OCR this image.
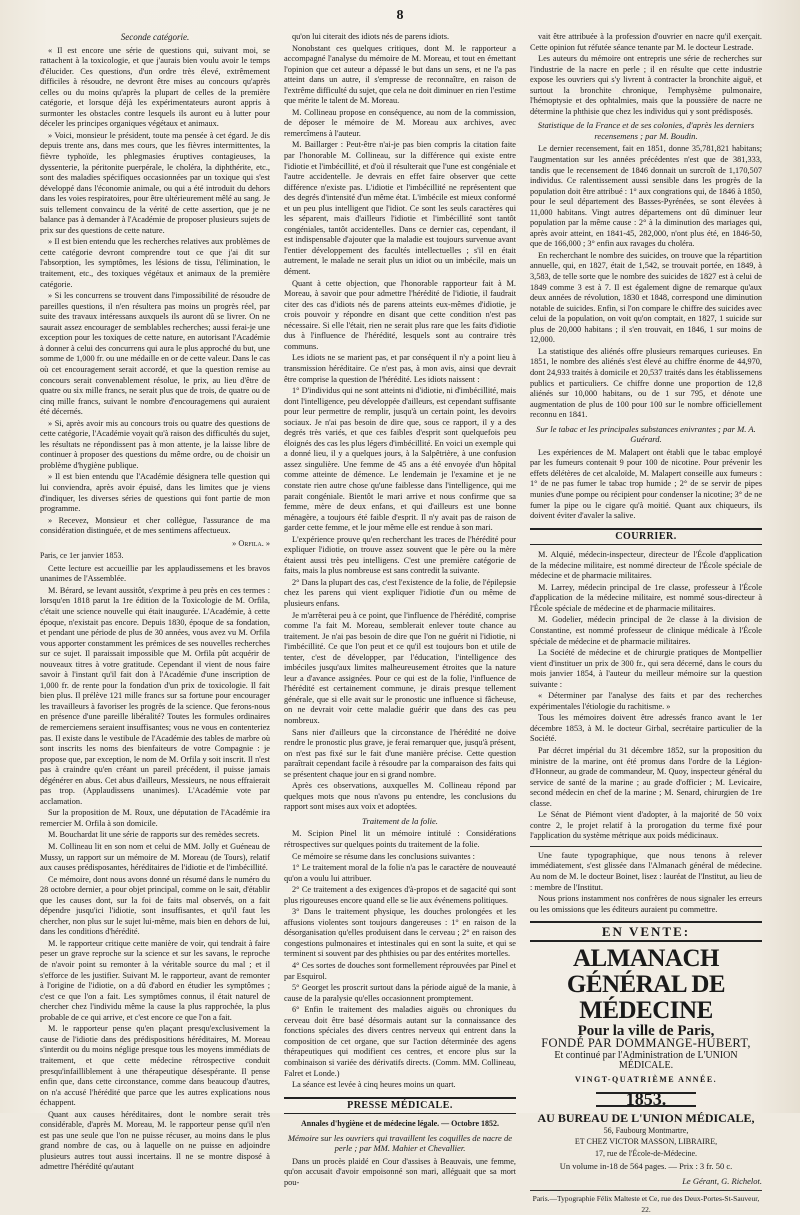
8

Seconde catégorie.

« Il est encore une série de questions qui, suivant moi, se rattachent à la toxicologie, et que j'aurais bien voulu avoir le temps d'élucider. Ces questions, d'un ordre très élevé, extrêmement difficiles à résoudre, ne devront être mises au concours qu'après celles ou du moins qu'après la plupart de celles de la première catégorie, et lorsque déjà les expérimentateurs auront appris à surmonter les obstacles contre lesquels ils auront eu à lutter pour déceler les principes organiques végétaux et animaux.

» Voici, monsieur le président, toute ma pensée à cet égard. Je dis depuis trente ans, dans mes cours, que les fièvres intermittentes, la fièvre typhoïde, les phlegmasies éruptives contagieuses, la dyssenterie, la péritonite puerpérale, le choléra, la diphthérite, etc., sont des maladies spécifiques occasionnées par un toxique qui s'est développé dans l'économie animale, ou qui a été introduit du dehors dans les voies respiratoires, pour être ultérieurement mêlé au sang. Je suis tellement convaincu de la vérité de cette assertion, que je ne balance pas à demander à l'Académie de proposer plusieurs sujets de prix sur des questions de cette nature.

» Il est bien entendu que les recherches relatives aux problèmes de cette catégorie devront comprendre tout ce que j'ai dit sur l'absorption, les symptômes, les lésions de tissu, l'élimination, le traitement, etc., des toxiques végétaux et animaux de la première catégorie.

» Si les concurrens se trouvent dans l'impossibilité de résoudre de pareilles questions, il n'en résultera pas moins un progrès réel, par suite des travaux intéressans auxquels ils auront dû se livrer. On ne saurait assez encourager de semblables recherches; aussi ferai-je une exception pour les toxiques de cette nature, en autorisant l'Académie à donner à celui des concurrens qui aura le plus approché du but, une somme de 1,000 fr. ou une médaille en or de cette valeur. Dans le cas où cet encouragement serait accordé, et que la question remise au concours serait convenablement résolue, le prix, au lieu d'être de quatre ou six mille francs, ne serait plus que de trois, de quatre ou de cinq mille francs, suivant le nombre d'encouragemens qui auraient été décernés.

» Si, après avoir mis au concours trois ou quatre des questions de cette catégorie, l'Académie voyait qu'à raison des difficultés du sujet, les résultats ne répondissent pas à mon attente, je la laisse libre de continuer à proposer des questions du même ordre, ou de choisir un problème d'hygiène publique.

» Il est bien entendu que l'Académie désignera telle question qui lui conviendra, après avoir épuisé, dans les limites que je viens d'indiquer, les diverses séries de questions qui font partie de mon programme.

» Recevez, Monsieur et cher collègue, l'assurance de ma considération distinguée, et de mes sentimens affectueux.

» Orfila. »

Paris, ce 1er janvier 1853.

Cette lecture est accueillie par les applaudissemens et les bravos unanimes de l'Assemblée.

M. Bérard, se levant aussitôt, s'exprime à peu près en ces termes : lorsqu'en 1818 parut la 1re édition de la Toxicologie de M. Orfila, c'était une science nouvelle qui était inaugurée. L'Académie, à cette époque, n'existait pas encore. Depuis 1830, époque de sa fondation, et pendant une période de plus de 30 années, vous avez vu M. Orfila vous apporter constamment les prémices de ses nouvelles recherches sur ce sujet. Il paraissait impossible que M. Orfila pût acquérir de nouveaux titres à votre gratitude. Cependant il vient de nous faire savoir à l'instant qu'il fait don à l'Académie d'une inscription de 1,000 fr. de rente pour la fondation d'un prix de toxicologie. Il fait bien plus. Il prélève 121 mille francs sur sa fortune pour encourager les travailleurs à favoriser les progrès de la science. Que ferons-nous en présence d'une pareille libéralité? Toutes les formules ordinaires de remerciemens seraient insuffisantes; vous ne vous en contenteriez pas. Il existe dans le vestibule de l'Académie des tables de marbre où sont inscrits les noms des bienfaiteurs de votre Compagnie : je propose que, par exception, le nom de M. Orfila y soit inscrit. Il n'est pas à craindre qu'en créant un pareil précédent, il puisse jamais dégénérer en abus. Cet abus d'ailleurs, Messieurs, ne nous effraierait pas trop. (Applaudissens unanimes). L'Académie vote par acclamation.

Sur la proposition de M. Roux, une députation de l'Académie ira remercier M. Orfila à son domicile.

M. Bouchardat lit une série de rapports sur des remèdes secrets.

M. Collineau lit en son nom et celui de MM. Jolly et Guéneau de Mussy, un rapport sur un mémoire de M. Moreau (de Tours), relatif aux causes prédisposantes, héréditaires de l'idiotie et de l'imbécillité.

Ce mémoire, dont nous avons donné un résumé dans le numéro du 28 octobre dernier, a pour objet principal, comme on le sait, d'établir que les causes dont, sur la foi de faits mal observés, on a fait dépendre jusqu'ici l'idiotie, sont insuffisantes, et qu'il faut les chercher, non plus sur le sujet lui-même, mais bien en dehors de lui, dans les conditions d'hérédité.

M. le rapporteur critique cette manière de voir, qui tendrait à faire peser un grave reproche sur la science et sur les savans, le reproche de n'avoir point su remonter à la véritable source du mal ; et il s'efforce de les justifier. Suivant M. le rapporteur, avant de remonter à l'origine de l'idiotie, on a dû d'abord en étudier les symptômes ; c'est ce que l'on a fait. Les symptômes connus, il était naturel de chercher chez l'individu même la cause la plus rapprochée, la plus probable de ce qui arrive, et c'est encore ce que l'on a fait.

M. le rapporteur pense qu'en plaçant presqu'exclusivement la cause de l'idiotie dans des prédispositions héréditaires, M. Moreau s'interdit ou du moins néglige presque tous les moyens immédiats de traitement, et que cette médecine rétrospective conduit presqu'infailliblement à une thérapeutique désespérante. Il pense enfin que, dans cette circonstance, comme dans beaucoup d'autres, on n'a accusé l'hérédité que parce que les autres explications nous échappent.

Quant aux causes héréditaires, dont le nombre serait très considérable, d'après M. Moreau, M. le rapporteur pense qu'il n'en est pas une seule que l'on ne puisse récuser, au moins dans le plus grand nombre de cas, ou à laquelle on ne puisse en adjoindre plusieurs autres tout aussi incertains. Il ne se montre disposé à admettre l'hérédité qu'autant

qu'on lui citerait des idiots nés de parens idiots.

Nonobstant ces quelques critiques, dont M. le rapporteur a accompagné l'analyse du mémoire de M. Moreau, et tout en émettant l'opinion que cet auteur a dépassé le but dans un sens, et ne l'a pas atteint dans un autre, il s'empresse de reconnaître, en raison de l'extrême difficulté du sujet, que cela ne doit diminuer en rien l'estime que mérite le talent de M. Moreau.

M. Collineau propose en conséquence, au nom de la commission, de déposer le mémoire de M. Moreau aux archives, avec remercîmens à l'auteur.

M. Baillarger : Peut-être n'ai-je pas bien compris la citation faite par l'honorable M. Collineau, sur la différence qui existe entre l'idiotie et l'imbécillité, et d'où il résulterait que l'une est congéniale et l'autre accidentelle. Je devrais en effet faire observer que cette différence n'existe pas. L'idiotie et l'imbécillité ne représentent que des degrés d'intensité d'un même état. L'imbécile est mieux conformé et un peu plus intelligent que l'idiot. Ce sont les seuls caractères qui les séparent, mais d'ailleurs l'idiotie et l'imbécillité sont tantôt congéniales, tantôt accidentelles. Dans ce dernier cas, cependant, il est indispensable d'ajouter que la maladie est toujours survenue avant l'entier développement des facultés intellectuelles ; s'il en était autrement, le malade ne serait plus un idiot ou un imbécile, mais un dément.

Quant à cette objection, que l'honorable rapporteur fait à M. Moreau, à savoir que pour admettre l'hérédité de l'idiotie, il faudrait citer des cas d'idiots nés de parens atteints eux-mêmes d'idiotie, je crois pouvoir y répondre en disant que cette condition n'est pas nécessaire. Si elle l'était, rien ne serait plus rare que les faits d'idiotie dus à l'influence de l'hérédité, lesquels sont au contraire très communs.

Les idiots ne se marient pas, et par conséquent il n'y a point lieu à transmission héréditaire. Ce n'est pas, à mon avis, ainsi que devrait être comprise la question de l'hérédité. Les idiots naissent :

1° D'individus qui ne sont atteints ni d'idiotie, ni d'imbécillité, mais dont l'intelligence, peu développée d'ailleurs, est cependant suffisante pour leur permettre de remplir, jusqu'à un certain point, les devoirs sociaux. Je n'ai pas besoin de dire que, sous ce rapport, il y a des degrés très variés, et que ces faibles d'esprit sont quelquefois peu éloignés des cas les plus légers d'imbécillité. En voici un exemple qui a donné lieu, il y a quelques jours, à la Salpêtrière, à une confusion assez singulière. Une femme de 45 ans a été envoyée d'un hôpital comme atteinte de démence. Le lendemain je l'examine et je ne constate rien autre chose qu'une faiblesse dans l'intelligence, qui me parait congéniale. Bientôt le mari arrive et nous confirme que sa femme, mère de deux enfans, et qui d'ailleurs est une bonne ménagère, a toujours été faible d'esprit. Il n'y avait pas de raison de garder cette femme, et le jour même elle est rendue à son mari.

L'expérience prouve qu'en recherchant les traces de l'hérédité pour expliquer l'idiotie, on trouve assez souvent que le père ou la mère étaient aussi très peu intelligens. C'est une première catégorie de faits, mais la plus nombreuse est sans contredit la suivante.

2° Dans la plupart des cas, c'est l'existence de la folie, de l'épilepsie chez les parens qui vient expliquer l'idiotie d'un ou même de plusieurs enfans.

Je m'arrêterai peu à ce point, que l'influence de l'hérédité, comprise comme l'a fait M. Moreau, semblerait enlever toute chance au traitement. Je n'ai pas besoin de dire que l'on ne guérit ni l'idiotie, ni l'imbécillité. Ce que l'on peut et ce qu'il est toujours bon et utile de tenter, c'est de développer, par l'éducation, l'intelligence des imbéciles jusqu'aux limites malheureusement étroites que la nature leur a d'avance assignées. Pour ce qui est de la folie, l'influence de l'hérédité est certainement commune, je dirais presque tellement générale, que si elle avait sur le pronostic une influence si fâcheuse, on ne devrait voir cette maladie guérir que dans des cas peu nombreux.

Sans nier d'ailleurs que la circonstance de l'hérédité ne doive rendre le pronostic plus grave, je ferai remarquer que, jusqu'à présent, on n'est pas fixé sur le fait d'une manière précise. Cette question paraîtrait cependant facile à résoudre par la comparaison des faits qui se présentent chaque jour en si grand nombre.

Après ces observations, auxquelles M. Collineau répond par quelques mots que nous n'avons pu entendre, les conclusions du rapport sont mises aux voix et adoptées.

Traitement de la folie.

M. Scipion Pinel lit un mémoire intitulé : Considérations rétrospectives sur quelques points du traitement de la folie.

Ce mémoire se résume dans les conclusions suivantes :

1° Le traitement moral de la folie n'a pas le caractère de nouveauté qu'on a voulu lui attribuer.

2° Ce traitement a des exigences d'à-propos et de sagacité qui sont plus rigoureuses encore quand elle se lie aux événemens politiques.

3° Dans le traitement physique, les douches prolongées et les affusions violentes sont toujours dangereuses : 1° en raison de la désorganisation qu'elles produisent dans le cerveau ; 2° en raison des congestions pulmonaires et intestinales qui en sont la suite, et qui se terminent si souvent par des phthisies ou par des entérites mortelles.

4° Ces sortes de douches sont formellement réprouvées par Pinel et par Esquirol.

5° Georget les proscrit surtout dans la période aiguë de la manie, à cause de la paralysie qu'elles occasionnent promptement.

6° Enfin le traitement des maladies aiguës ou chroniques du cerveau doit être basé désormais autant sur la connaissance des fonctions spéciales des divers centres nerveux qui entrent dans la composition de cet organe, que sur l'action déterminée des agens thérapeutiques qui modifient ces centres, et encore plus sur la combinaison si variée des dérivatifs directs. (Comm. MM. Collineau, Falret et Londe.)

La séance est levée à cinq heures moins un quart.

PRESSE MÉDICALE.

Annales d'hygiène et de médecine légale. — Octobre 1852.

Mémoire sur les ouvriers qui travaillent les coquilles de nacre de perle ; par MM. Mahier et Chevallier.

Dans un procès plaidé en Cour d'assises à Beauvais, une femme, qu'on accusait d'avoir empoisonné son mari, alléguait que sa mort pou-

vait être attribuée à la profession d'ouvrier en nacre qu'il exerçait. Cette opinion fut réfutée séance tenante par M. le docteur Lestrade.

Les auteurs du mémoire ont entrepris une série de recherches sur l'industrie de la nacre en perle ; il en résulte que cette industrie expose les ouvriers qui s'y livrent à contracter la bronchite aiguë, et surtout la bronchite chronique, l'emphysème pulmonaire, l'hémoptysie et des ophtalmies, mais que la poussière de nacre ne détermine la phthisie que chez les individus qui y sont prédisposés.

Statistique de la France et de ses colonies, d'après les derniers recensemens ; par M. Boudin.

Le dernier recensement, fait en 1851, donne 35,781,821 habitans; l'augmentation sur les années précédentes n'est que de 381,333, tandis que le recensement de 1846 donnait un surcroît de 1,170,507 individus. Ce ralentissement aussi sensible dans les progrès de la population doit être attribué : 1° aux congrations qui, de 1846 à 1850, pour le seul département des Basses-Pyrénées, se sont élevées à 11,000 habitans. Vingt autres départemens ont dû diminuer leur population par la même cause : 2° à la diminution des mariages qui, après avoir atteint, en 1841-45, 282,000, n'ont plus été, en 1846-50, que de 166,000 ; 3° enfin aux ravages du choléra.

En recherchant le nombre des suicides, on trouve que la répartition annuelle, qui, en 1827, était de 1,542, se trouvait portée, en 1849, à 3,583, de telle sorte que le nombre des suicides de 1827 est à celui de 1849 comme 3 est à 7. Il est également digne de remarque qu'aux deux années de révolution, 1830 et 1848, correspond une diminution notable de suicides. Enfin, si l'on compare le chiffre des suicides avec celui de la population, on voit qu'on comptait, en 1827, 1 suicide sur plus de 20,000 habitans ; il s'en trouvait, en 1846, 1 sur moins de 12,000.

La statistique des aliénés offre plusieurs remarques curieuses. En 1851, le nombre des aliénés s'est élevé au chiffre énorme de 44,970, dont 24,933 traités à domicile et 20,537 traités dans les établissemens publics et particuliers. Ce chiffre donne une proportion de 12,8 aliénés sur 10,000 habitans, ou de 1 sur 795, et dénote une augmentation de plus de 100 pour 100 sur le nombre officiellement reconnu en 1841.

Sur le tabac et les principales substances enivrantes ; par M. A. Guérard.

Les expériences de M. Malapert ont établi que le tabac employé par les fumeurs contenait 9 pour 100 de nicotine. Pour prévenir les effets délétères de cet alcaloïde, M. Malapert conseille aux fumeurs : 1° de ne pas fumer le tabac trop humide ; 2° de se servir de pipes munies d'une pompe ou récipient pour condenser la nicotine; 3° de ne fumer la pipe ou le cigare qu'à moitié. Quant aux chiqueurs, ils doivent éviter d'avaler la salive.

COURRIER.

M. Alquié, médecin-inspecteur, directeur de l'École d'application de la médecine militaire, est nommé directeur de l'École spéciale de médecine et de pharmacie militaires.

M. Larrey, médecin principal de 1re classe, professeur à l'École d'application de la médecine militaire, est nommé sous-directeur à l'École spéciale de médecine et de pharmacie militaires.

M. Godelier, médecin principal de 2e classe à la division de Constantine, est nommé professeur de clinique médicale à l'École spéciale de médecine et de pharmacie militaires.

La Société de médecine et de chirurgie pratiques de Montpellier vient d'instituer un prix de 300 fr., qui sera décerné, dans le cours du mois janvier 1854, à l'auteur du meilleur mémoire sur la question suivante :

« Déterminer par l'analyse des faits et par des recherches expérimentales l'étiologie du rachitisme. »

Tous les mémoires doivent être adressés franco avant le 1er décembre 1853, à M. le docteur Girbal, secrétaire particulier de la Société.

Par décret impérial du 31 décembre 1852, sur la proposition du ministre de la marine, ont été promus dans l'ordre de la Légion-d'Honneur, au grade de commandeur, M. Quoy, inspecteur général du service de santé de la marine ; au grade d'officier ; M. Levicaire, second médecin en chef de la marine ; M. Senard, chirurgien de 1re classe.

Le Sénat de Piémont vient d'adopter, à la majorité de 50 voix contre 2, le projet relatif à la prorogation du terme fixé pour l'application du système métrique aux poids médicinaux.

Une faute typographique, que nous tenons à relever immédiatement, s'est glissée dans l'Almanach général de médecine. Au nom de M. le docteur Boinet, lisez : lauréat de l'Institut, au lieu de : membre de l'Institut.

Nous prions instamment nos confrères de nous signaler les erreurs ou les omissions que les éditeurs auraient pu commettre.

EN VENTE:
ALMANACH GÉNÉRAL DE MÉDECINE
Pour la ville de Paris,
FONDÉ PAR DOMMANGE-HUBERT,
Et continué par l'Administration de L'UNION MÉDICALE.
VINGT-QUATRIÈME ANNÉE.
1853.
AU BUREAU DE L'UNION MÉDICALE,
56, Faubourg Montmartre,
ET CHEZ VICTOR MASSON, LIBRAIRE,
17, rue de l'École-de-Médecine.
Un volume in-18 de 564 pages. — Prix : 3 fr. 50 c.
Le Gérant, G. Richelot.
Paris.—Typographie Félix Malteste et Ce, rue des Deux-Portes-St-Sauveur, 22.
